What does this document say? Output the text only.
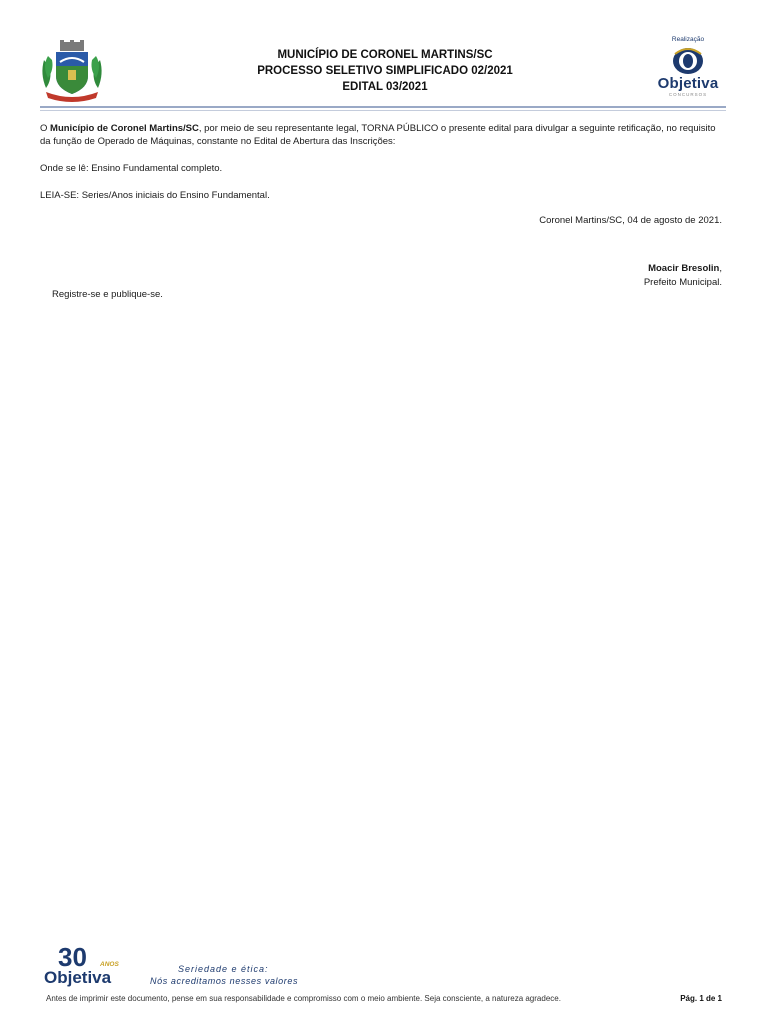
MUNICÍPIO DE CORONEL MARTINS/SC
PROCESSO SELETIVO SIMPLIFICADO 02/2021
EDITAL 03/2021
Realização
Objetiva
CONCURSOS
O Município de Coronel Martins/SC, por meio de seu representante legal, TORNA PÚBLICO o presente edital para divulgar a seguinte retificação, no requisito da função de Operado de Máquinas, constante no Edital de Abertura das Inscrições:
Onde se lê: Ensino Fundamental completo.
LEIA-SE: Series/Anos iniciais do Ensino Fundamental.
Coronel Martins/SC, 04 de agosto de 2021.
Moacir Bresolin,
Prefeito Municipal.
Registre-se e publique-se.
30 ANOS
Objetiva	Seriedade e ética:
Nós acreditamos nesses valores
Antes de imprimir este documento, pense em sua responsabilidade e compromisso com o meio ambiente. Seja consciente, a natureza agradece.	Pág. 1 de 1
